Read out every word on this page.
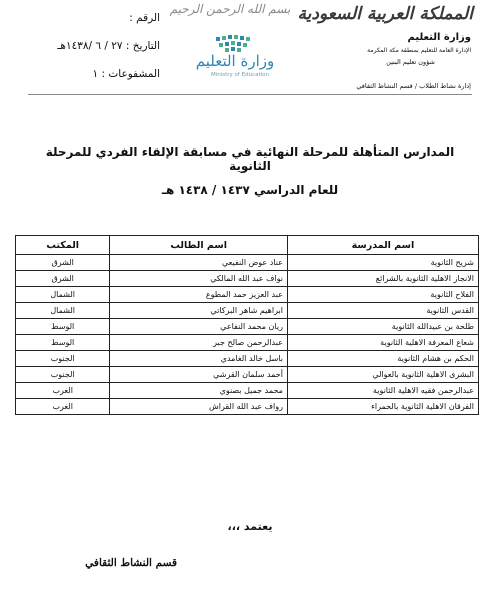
المملكة العربية السعودية
وزارة التعليم
الإدارة العامة للتعليم بمنطقة مكة المكرمة
شؤون تعليم البنين
إدارة نشاط الطلاب / قسم النشاط الثقافي
بسم الله الرحمن الرحيم
وزارة التعليم
Ministry of Education
الرقم :
التاريخ : ٢٧ / ٦ /١٤٣٨هـ
المشفوعات : ١
المدارس المتأهلة للمرحلة النهائية في مسابقة الإلقاء الفردي للمرحلة الثانوية
للعام الدراسي ١٤٣٧ / ١٤٣٨ هـ
اسم المدرسة	اسم الطالب	المكتب
شريح الثانوية	عناد عوض النفيعي	الشرق
الانجاز الاهلية الثانوية بالشرائع	نواف عبد الله المالكي	الشرق
الفلاح الثانوية	عبد العزيز حمد المطوع	الشمال
القدس الثانوية	ابراهيم شاهر البركاتي	الشمال
طلحة بن عبيدالله الثانوية	ريان محمد النفاعي	الوسط
شعاع المعرفة الاهلية الثانوية	عبدالرحمن صالح جبر	الوسط
الحكم بن هشام الثانوية	باسل خالد الغامدي	الجنوب
البشرى الاهلية الثانوية بالعوالي	أحمد سلمان القرشي	الجنوب
عبدالرحمن فقيه الاهلية الثانوية	محمد جميل بصنوي	الغرب
الفرقان الاهلية الثانوية بالحمراء	رواف عبد الله القراش	الغرب
يعتمد ،،،
قسم النشاط الثقافي
